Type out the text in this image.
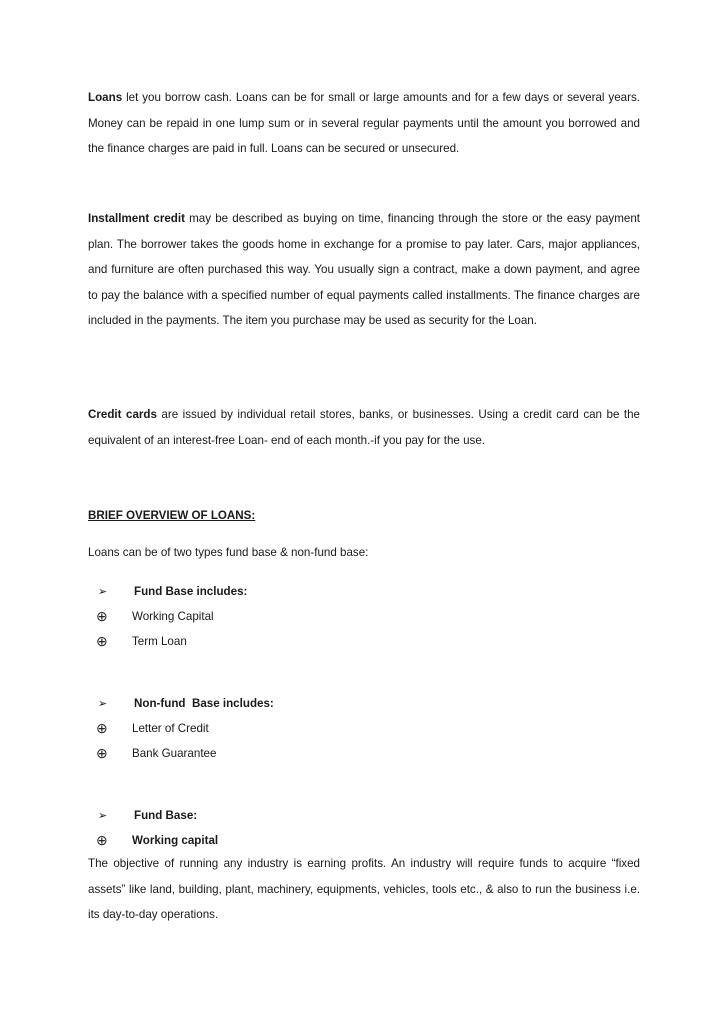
Loans let you borrow cash. Loans can be for small or large amounts and for a few days or several years. Money can be repaid in one lump sum or in several regular payments until the amount you borrowed and the finance charges are paid in full. Loans can be secured or unsecured.

Installment credit may be described as buying on time, financing through the store or the easy payment plan. The borrower takes the goods home in exchange for a promise to pay later. Cars, major appliances, and furniture are often purchased this way. You usually sign a contract, make a down payment, and agree to pay the balance with a specified number of equal payments called installments. The finance charges are included in the payments. The item you purchase may be used as security for the Loan.

Credit cards are issued by individual retail stores, banks, or businesses. Using a credit card can be the equivalent of an interest-free Loan- end of each month.-if you pay for the use.

BRIEF OVERVIEW OF LOANS:

Loans can be of two types fund base & non-fund base:

➢	Fund Base includes:
⊕	Working Capital
⊕	Term Loan
➢	Non-fund  Base includes:
⊕	Letter of Credit
⊕	Bank Guarantee
➢	Fund Base:
⊕	Working capital

The objective of running any industry is earning profits. An industry will require funds to acquire “fixed assets” like land, building, plant, machinery, equipments, vehicles, tools etc., & also to run the business i.e. its day-to-day operations.
